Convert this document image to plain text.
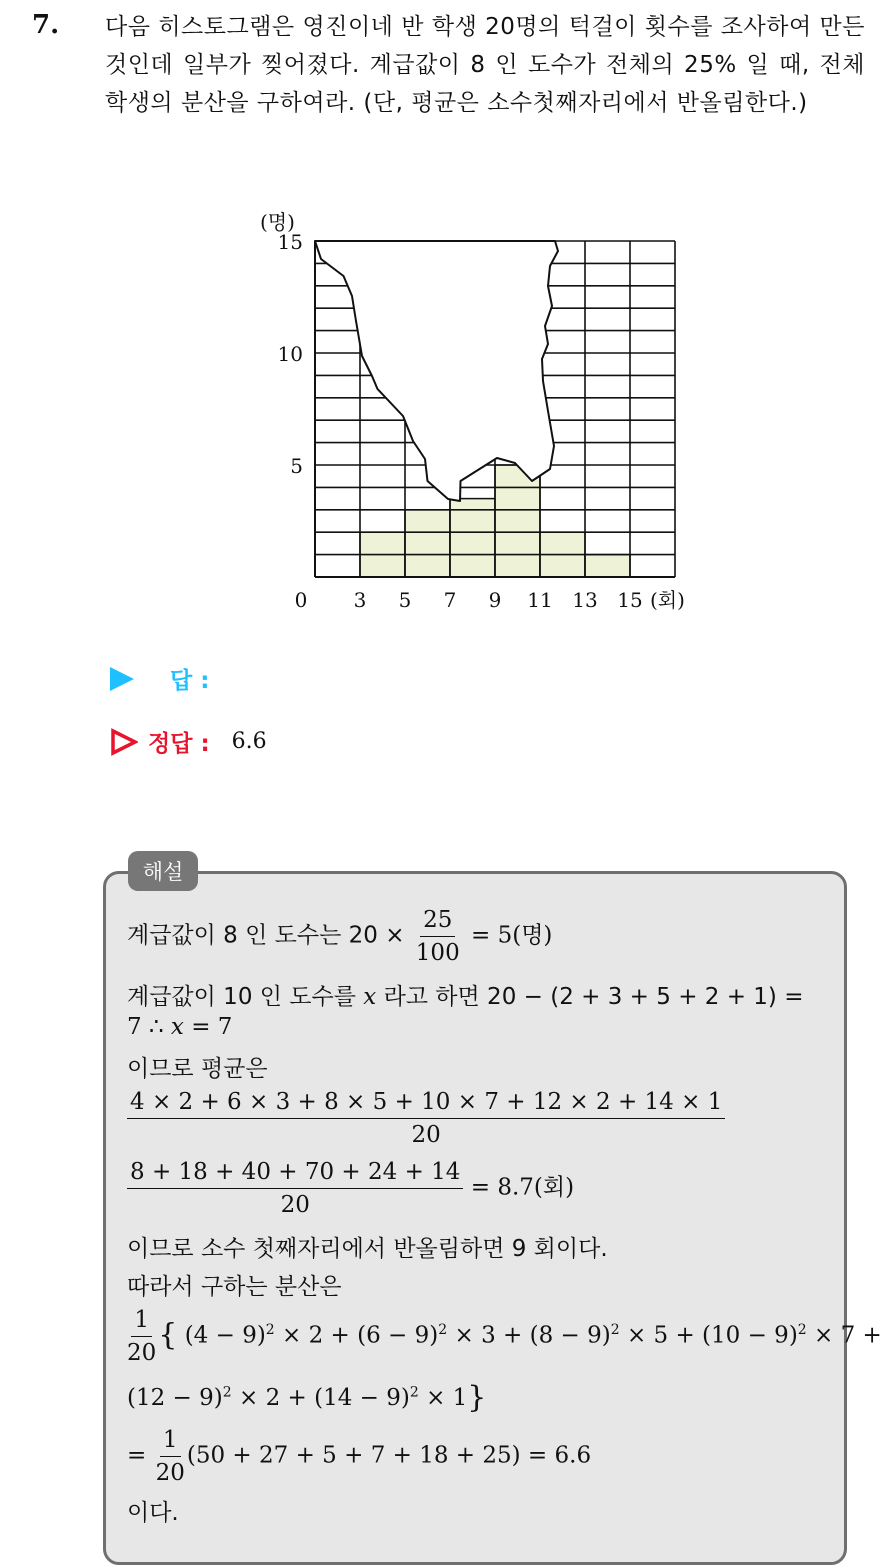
7. 다음 히스토그램은 영진이네 반 학생 20명의 턱걸이 횟수를 조사하여 만든 것인데 일부가 찢어졌다. 계급값이 8 인 도수가 전체의 25% 일 때, 전체 학생의 분산을 구하여라. (단, 평균은 소수첫째자리에서 반올림한다.)
5
10
15
0 3 5 7 9 11 13 15
(명)
(회)
답 :
정답 : 6.6
해설
계급값이 8 인 도수는 $20 \times \frac{25}{100} = 5$(명)
계급값이 10 인 도수를 x 라고 하면 20 − (2 + 3 + 5 + 2 + 1) =
7 ∴ x = 7
이므로 평균은
$\frac{4 \times 2 + 6 \times 3 + 8 \times 5 + 10 \times 7 + 12 \times 2 + 14 \times 1}{20}$
$\frac{8 + 18 + 40 + 70 + 24 + 14}{20} = 8.7$(회)
이므로 소수 첫째자리에서 반올림하면 9 회이다.
따라서 구하는 분산은
$\frac{1}{20}$ { $(4 - 9)^2 \times 2 + (6 - 9)^2 \times 3 + (8 - 9)^2 \times 5 + (10 - 9)^2 \times 7$ +
$(12 - 9)^2 \times 2 + (14 - 9)^2 \times 1$}
= $\frac{1}{20} (50 + 27 + 5 + 7 + 18 + 25) = 6.6$
이다.
